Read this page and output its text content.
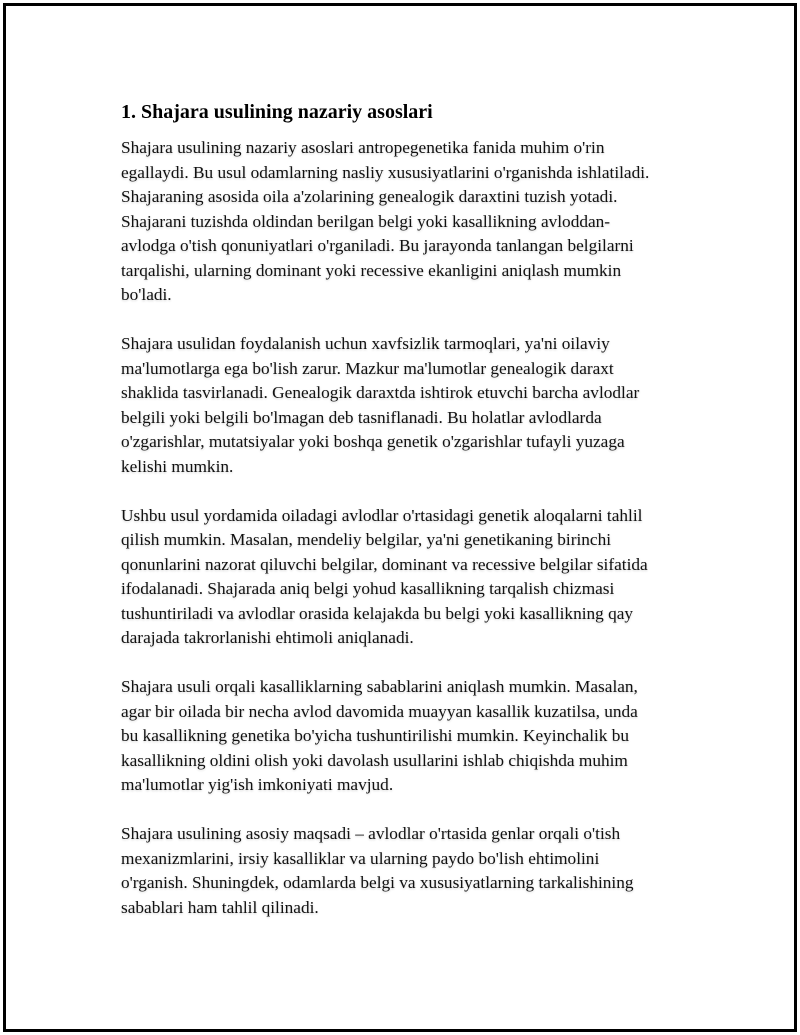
1. Shajara usulining nazariy asoslari

Shajara usulining nazariy asoslari antropegenetika fanida muhim o'rin
egallaydi. Bu usul odamlarning nasliy xususiyatlarini o'rganishda ishlatiladi.
Shajaraning asosida oila a'zolarining genealogik daraxtini tuzish yotadi.
Shajarani tuzishda oldindan berilgan belgi yoki kasallikning avloddan-
avlodga o'tish qonuniyatlari o'rganiladi. Bu jarayonda tanlangan belgilarni
tarqalishi, ularning dominant yoki recessive ekanligini aniqlash mumkin
bo'ladi.

Shajara usulidan foydalanish uchun xavfsizlik tarmoqlari, ya'ni oilaviy
ma'lumotlarga ega bo'lish zarur. Mazkur ma'lumotlar genealogik daraxt
shaklida tasvirlanadi. Genealogik daraxtda ishtirok etuvchi barcha avlodlar
belgili yoki belgili bo'lmagan deb tasniflanadi. Bu holatlar avlodlarda
o'zgarishlar, mutatsiyalar yoki boshqa genetik o'zgarishlar tufayli yuzaga
kelishi mumkin.

Ushbu usul yordamida oiladagi avlodlar o'rtasidagi genetik aloqalarni tahlil
qilish mumkin. Masalan, mendeliy belgilar, ya'ni genetikaning birinchi
qonunlarini nazorat qiluvchi belgilar, dominant va recessive belgilar sifatida
ifodalanadi. Shajarada aniq belgi yohud kasallikning tarqalish chizmasi
tushuntiriladi va avlodlar orasida kelajakda bu belgi yoki kasallikning qay
darajada takrorlanishi ehtimoli aniqlanadi.

Shajara usuli orqali kasalliklarning sabablarini aniqlash mumkin. Masalan,
agar bir oilada bir necha avlod davomida muayyan kasallik kuzatilsa, unda
bu kasallikning genetika bo'yicha tushuntirilishi mumkin. Keyinchalik bu
kasallikning oldini olish yoki davolash usullarini ishlab chiqishda muhim
ma'lumotlar yig'ish imkoniyati mavjud.

Shajara usulining asosiy maqsadi – avlodlar o'rtasida genlar orqali o'tish
mexanizmlarini, irsiy kasalliklar va ularning paydo bo'lish ehtimolini
o'rganish. Shuningdek, odamlarda belgi va xususiyatlarning tarkalishining
sabablari ham tahlil qilinadi.
